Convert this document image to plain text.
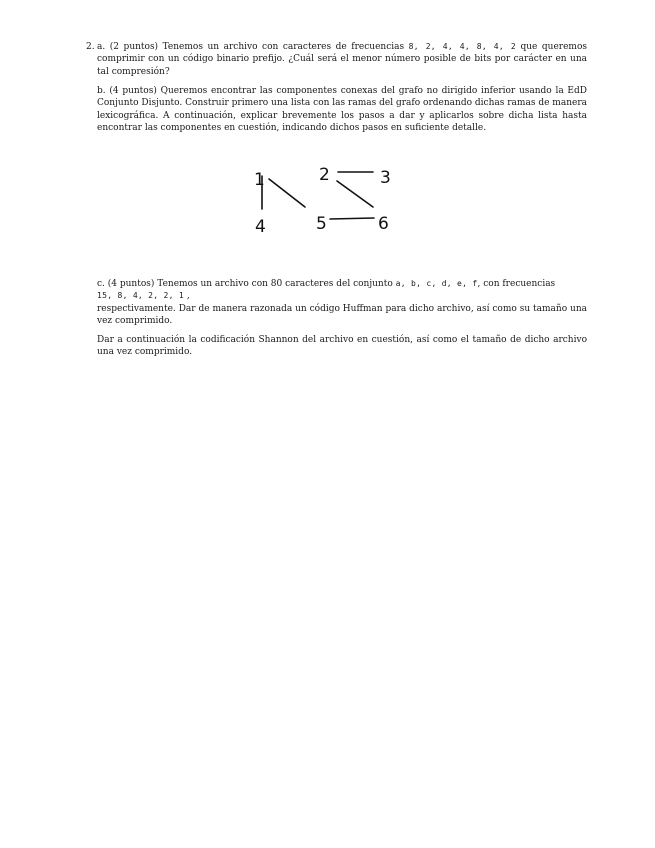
2. a. (2 puntos) Tenemos un archivo con caracteres de frecuencias 8, 2, 4, 4, 8, 4, 2 que queremos comprimir con un código binario prefijo. ¿Cuál será el menor número posible de bits por carácter en una tal compresión?

b. (4 puntos) Queremos encontrar las componentes conexas del grafo no dirigido inferior usando la EdD Conjunto Disjunto. Construir primero una lista con las ramas del grafo ordenando dichas ramas de manera lexicográfica. A continuación, explicar brevemente los pasos a dar y aplicarlos sobre dicha lista hasta encontrar las componentes en cuestión, indicando dichos pasos en suficiente detalle.

1	2	3
4	5	6

c. (4 puntos) Tenemos un archivo con 80 caracteres del conjunto a, b, c, d, e, f, con frecuencias

15, 8, 4, 2, 2, 1 ,

respectivamente. Dar de manera razonada un código Huffman para dicho archivo, así como su tamaño una vez comprimido.

Dar a continuación la codificación Shannon del archivo en cuestión, así como el tamaño de dicho archivo una vez comprimido.
